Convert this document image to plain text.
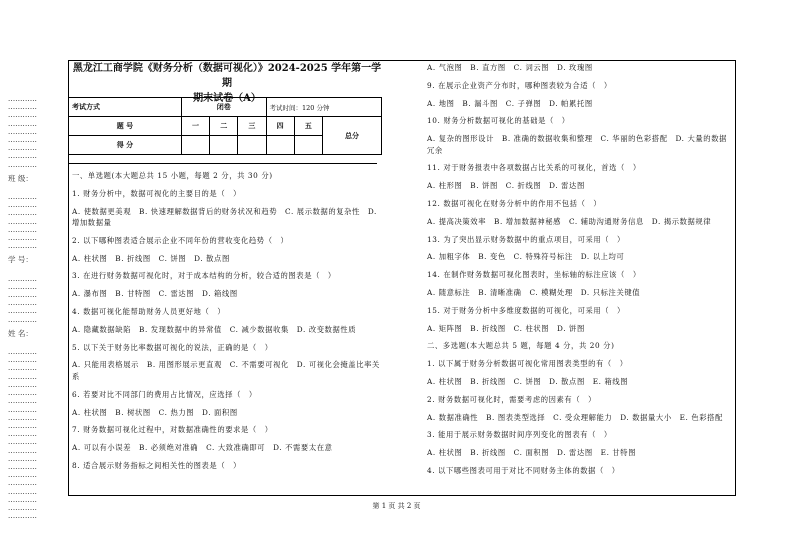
............
............
............
............
............
............
............
............
............
班 级：
............
............
............
............
............
............
............
学 号：
............
............
............
............
............
............
姓 名：
............
............
............
............
............
............
............
............
............
............
............
............
............
............
............
............
............
............
............
............
............
黑龙江工商学院《财务分析（数据可视化）》2024-2025 学年第一学期
期末试卷（A）
考试方式	闭卷			考试时间：120 分钟		
题 号	一	二	三	四	五	总分
得 分						

一、单选题(本大题总共 15 小题，每题 2 分，共 30 分)

1. 财务分析中，数据可视化的主要目的是（　）

A. 使数据更美观　B. 快速理解数据背后的财务状况和趋势　C. 展示数据的复杂性　D. 增加数据量

2. 以下哪种图表适合展示企业不同年份的营收变化趋势（　）

A. 柱状图　B. 折线图　C. 饼图　D. 散点图

3. 在进行财务数据可视化时，对于成本结构的分析，较合适的图表是（　）

A. 瀑布图　B. 甘特图　C. 雷达图　D. 箱线图

4. 数据可视化能帮助财务人员更好地（　）

A. 隐藏数据缺陷　B. 发现数据中的异常值　C. 减少数据收集　D. 改变数据性质

5. 以下关于财务比率数据可视化的说法，正确的是（　）

A. 只能用表格展示　B. 用图形展示更直观　C. 不需要可视化　D. 可视化会掩盖比率关系

6. 若要对比不同部门的费用占比情况，应选择（　）

A. 柱状图　B. 树状图　C. 热力图　D. 面积图

7. 财务数据可视化过程中，对数据准确性的要求是（　）

A. 可以有小误差　B. 必须绝对准确　C. 大致准确即可　D. 不需要太在意

8. 适合展示财务指标之间相关性的图表是（　）

A. 气泡图　B. 直方图　C. 词云图　D. 玫瑰图

9. 在展示企业资产分布时，哪种图表较为合适（　）

A. 地图　B. 漏斗图　C. 子弹图　D. 帕累托图

10. 财务分析数据可视化的基础是（　）

A. 复杂的图形设计　B. 准确的数据收集和整理　C. 华丽的色彩搭配　D. 大量的数据冗余

11. 对于财务报表中各项数据占比关系的可视化，首选（　）

A. 柱形图　B. 饼图　C. 折线图　D. 雷达图

12. 数据可视化在财务分析中的作用不包括（　）

A. 提高决策效率　B. 增加数据神秘感　C. 辅助沟通财务信息　D. 揭示数据规律

13. 为了突出显示财务数据中的重点项目，可采用（　）

A. 加粗字体　B. 变色　C. 特殊符号标注　D. 以上均可

14. 在制作财务数据可视化图表时，坐标轴的标注应该（　）

A. 随意标注　B. 清晰准确　C. 模糊处理　D. 只标注关键值

15. 对于财务分析中多维度数据的可视化，可采用（　）

A. 矩阵图　B. 折线图　C. 柱状图　D. 饼图

二、多选题(本大题总共 5 题，每题 4 分，共 20 分)

1. 以下属于财务分析数据可视化常用图表类型的有（　）

A. 柱状图　B. 折线图　C. 饼图　D. 散点图　E. 箱线图

2. 财务数据可视化时，需要考虑的因素有（　）

A. 数据准确性　B. 图表类型选择　C. 受众理解能力　D. 数据量大小　E. 色彩搭配

3. 能用于展示财务数据时间序列变化的图表有（　）

A. 柱状图　B. 折线图　C. 面积图　D. 雷达图　E. 甘特图

4. 以下哪些图表可用于对比不同财务主体的数据（　）

第 1 页 共 2 页
